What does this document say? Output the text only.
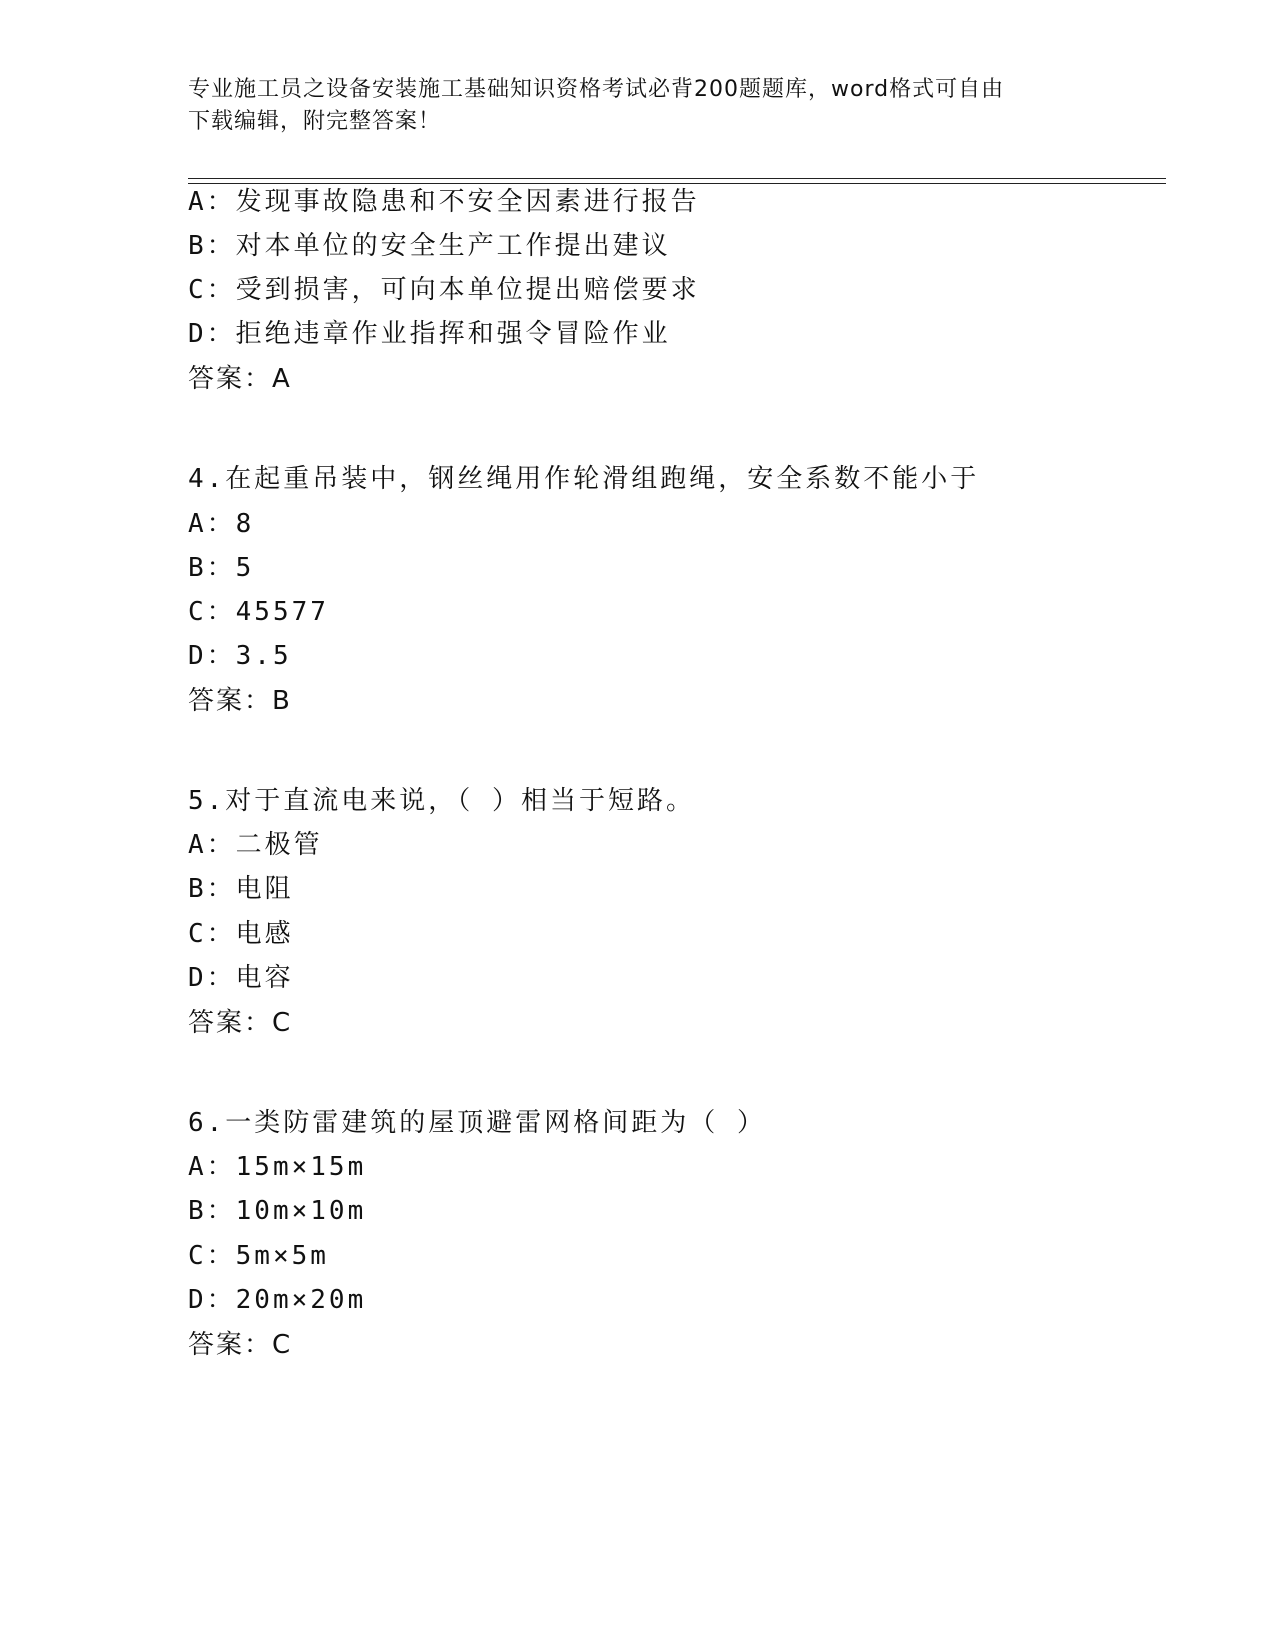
专业施工员之设备安装施工基础知识资格考试必背200题题库，word格式可自由
下载编辑，附完整答案！
A：发现事故隐患和不安全因素进行报告
B：对本单位的安全生产工作提出建议
C：受到损害，可向本单位提出赔偿要求
D：拒绝违章作业指挥和强令冒险作业
答案：A
4.在起重吊装中，钢丝绳用作轮滑组跑绳，安全系数不能小于
A：8
B：5
C：45577
D：3.5
答案：B
5.对于直流电来说，（ ）相当于短路。
A：二极管
B：电阻
C：电感
D：电容
答案：C
6.一类防雷建筑的屋顶避雷网格间距为（ ）
A：15m×15m
B：10m×10m
C：5m×5m
D：20m×20m
答案：C
